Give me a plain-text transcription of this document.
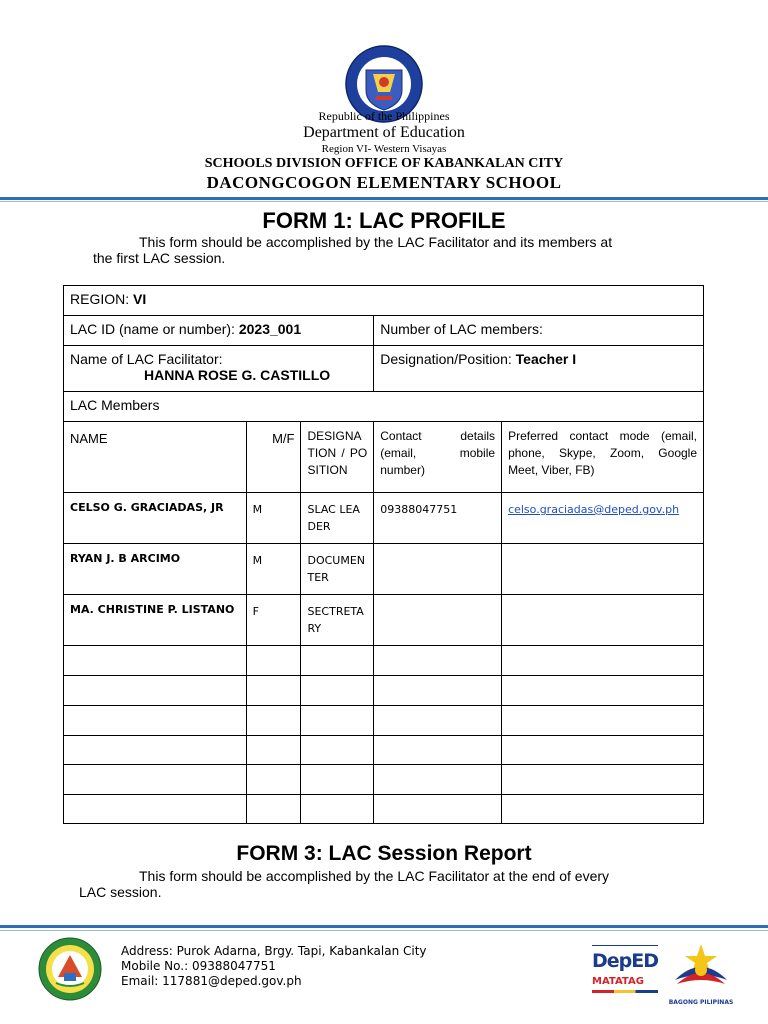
Republic of the Philippines
Department of Education
Region VI- Western Visayas
SCHOOLS DIVISION OFFICE OF KABANKALAN CITY
DACONGCOGON ELEMENTARY SCHOOL
FORM 1: LAC PROFILE
This form should be accomplished by the LAC Facilitator and its members at
the first LAC session.
REGION: VI				
LAC ID (name or number): 2023_001			Number of LAC members:	

Name of LAC Facilitator:
HANNA ROSE G. CASTILLO			Designation/Position: Teacher I	
LAC Members				
NAME	M/F	DESIGNATION / POSITION	Contact details (email, mobile number)	Preferred contact mode (email, phone, Skype, Zoom, Google Meet, Viber, FB)
CELSO G. GRACIADAS, JR	M	SLAC LEADER	09388047751	celso.graciadas@deped.gov.ph
RYAN J. B ARCIMO	M	DOCUMENTER		
MA. CHRISTINE P. LISTANO	F	SECTRETARY		

FORM 3: LAC Session Report
This form should be accomplished by the LAC Facilitator at the end of every
LAC session.
Address: Purok Adarna, Brgy. Tapi, Kabankalan City
Mobile No.: 09388047751
Email: 117881@deped.gov.ph
DepED
MATATAG
BAGONG PILIPINAS
